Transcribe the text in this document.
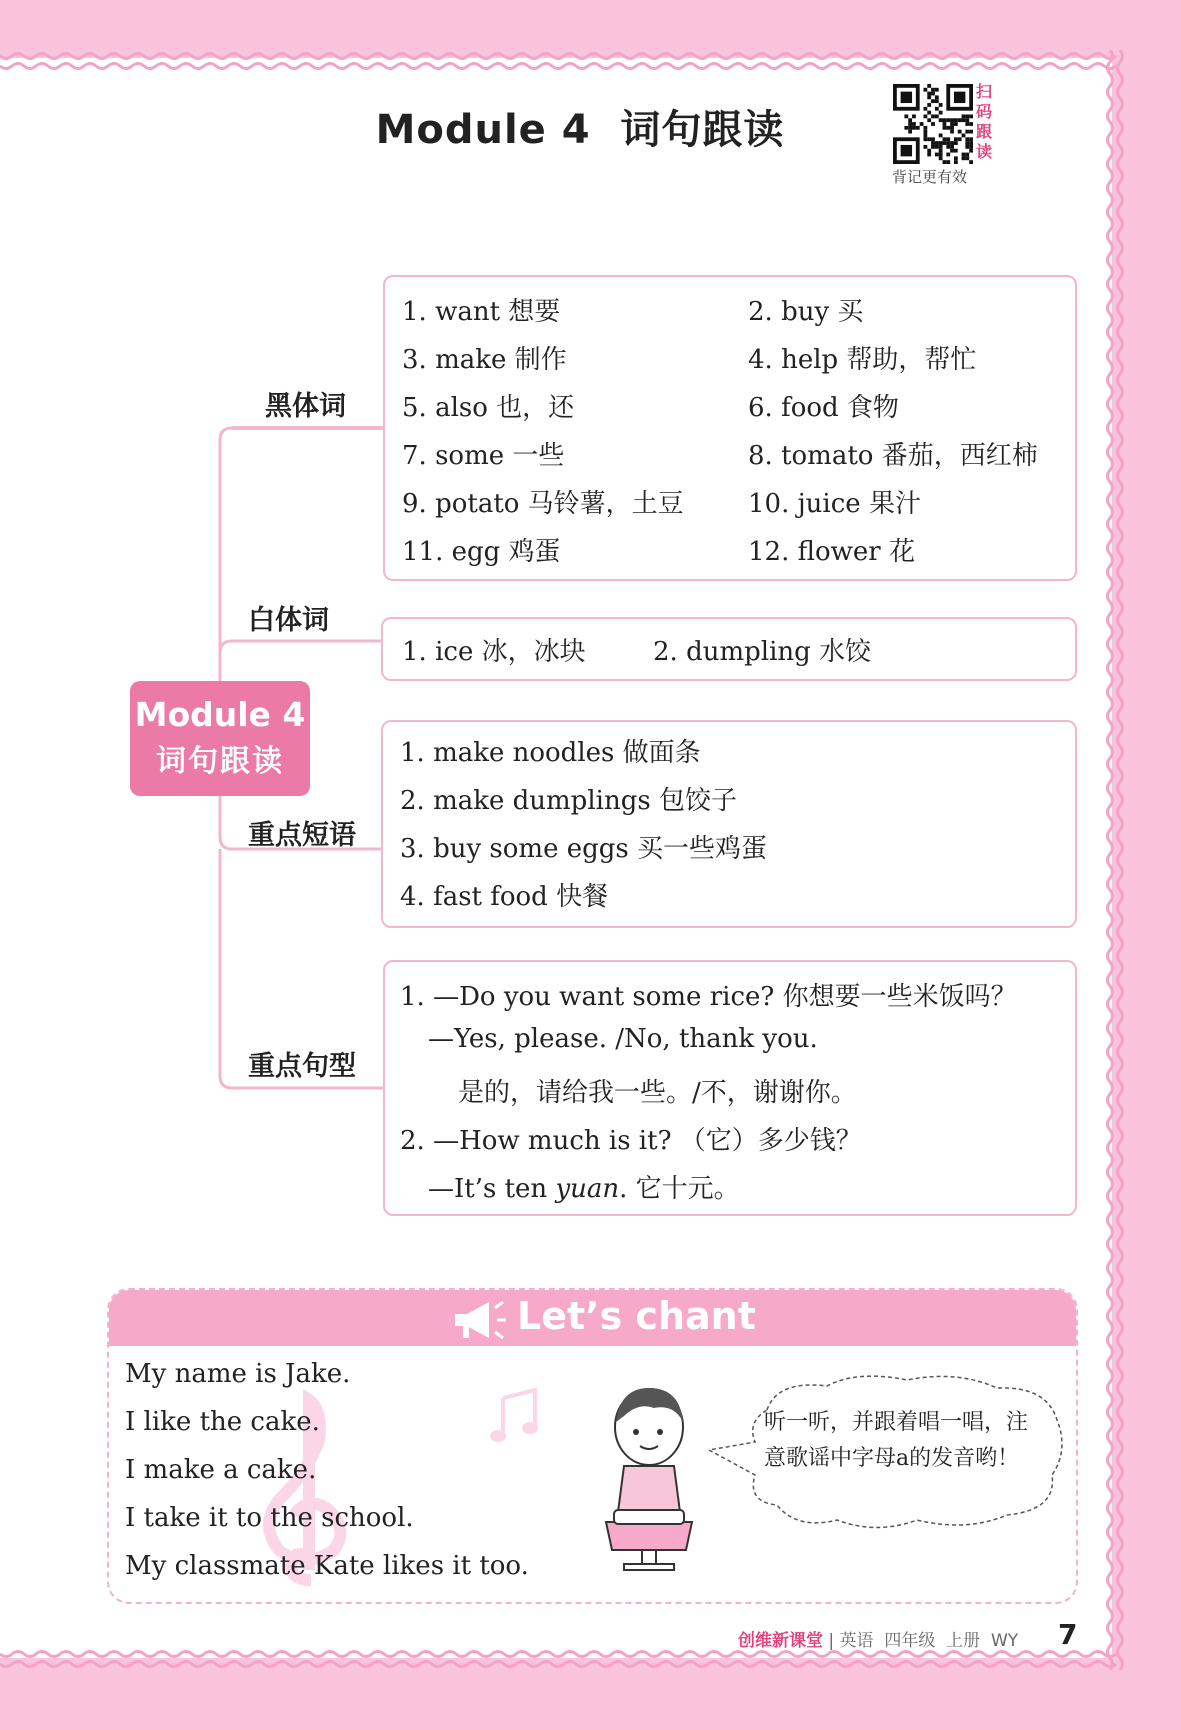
Module 4  词句跟读
扫码跟读
背记更有效
Module 4
词句跟读
黑体词
白体词
重点短语
重点句型
1. want 想要	2. buy 买
3. make 制作	4. help 帮助，帮忙
5. also 也，还	6. food 食物
7. some 一些	8. tomato 番茄，西红柿
9. potato 马铃薯，土豆 10. juice 果汁
11. egg 鸡蛋	12. flower 花
1. ice 冰，冰块	2. dumpling 水饺
1. make noodles 做面条
2. make dumplings 包饺子
3. buy some eggs 买一些鸡蛋
4. fast food 快餐
1. —Do you want some rice? 你想要一些米饭吗？
—Yes, please. /No, thank you.
是的，请给我一些。/不，谢谢你。
2. —How much is it? （它）多少钱？
—It’s ten yuan. 它十元。
Let’s chant
My name is Jake.
I like the cake.
I make a cake.
I take it to the school.
My classmate Kate likes it too.
听一听，并跟着唱一唱，注
意歌谣中字母a的发音哟！
创维新课堂 | 英语  四年级  上册  WY 7
